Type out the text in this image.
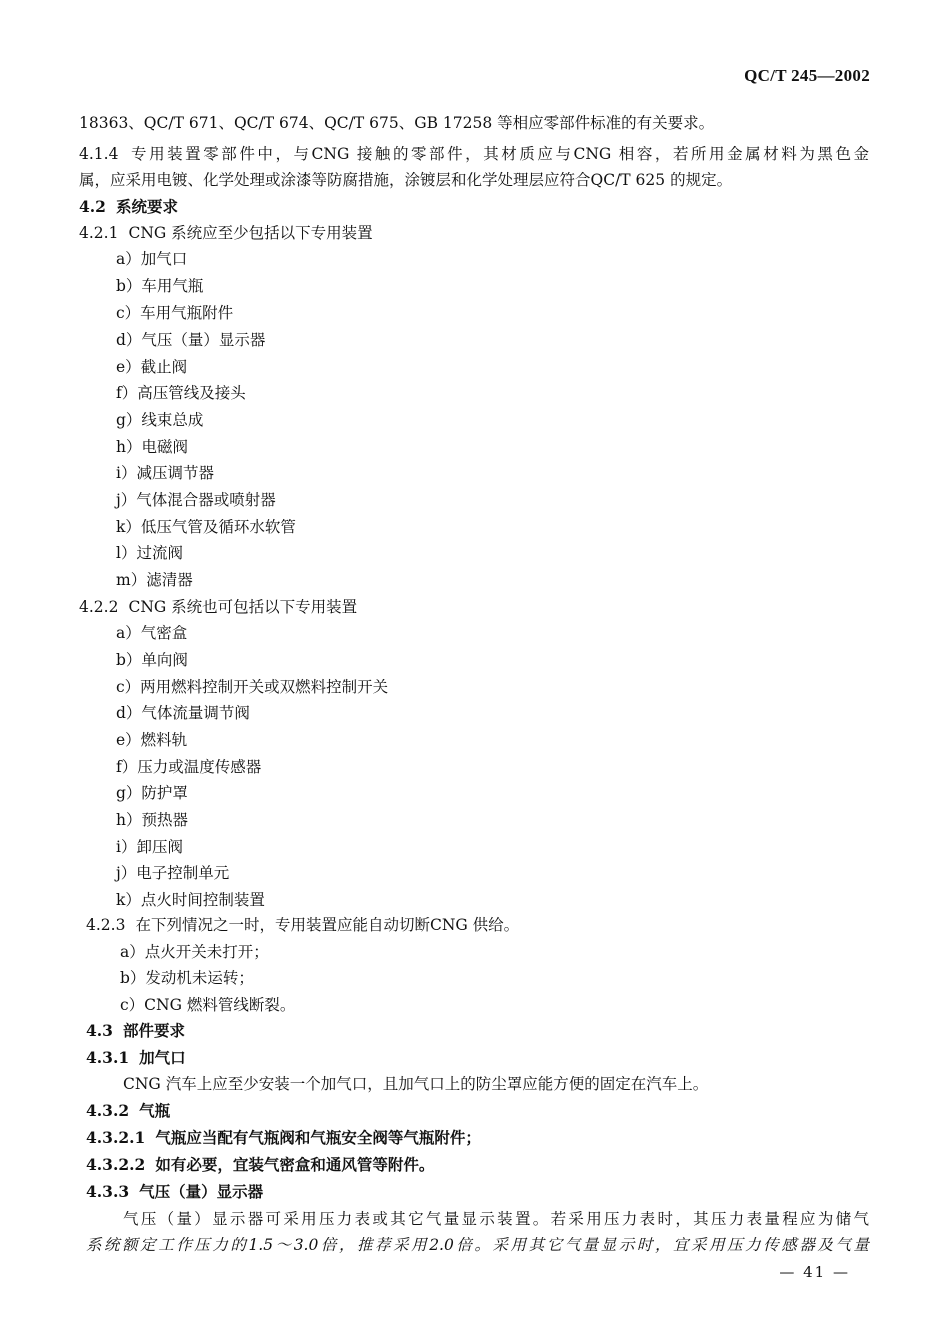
QC/T 245—2002
18363、QC/T 671、QC/T 674、QC/T 675、GB 17258 等相应零部件标准的有关要求。
4.1.4 专用装置零部件中，与CNG 接触的零部件，其材质应与CNG 相容，若所用金属材料为黑色金
属，应采用电镀、化学处理或涂漆等防腐措施，涂镀层和化学处理层应符合QC/T 625 的规定。
4.2 系统要求
4.2.1 CNG 系统应至少包括以下专用装置
a）加气口
b）车用气瓶
c）车用气瓶附件
d）气压（量）显示器
e）截止阀
f）高压管线及接头
g）线束总成
h）电磁阀
i）减压调节器
j）气体混合器或喷射器
k）低压气管及循环水软管
l）过流阀
m）滤清器
4.2.2 CNG 系统也可包括以下专用装置
a）气密盒
b）单向阀
c）两用燃料控制开关或双燃料控制开关
d）气体流量调节阀
e）燃料轨
f）压力或温度传感器
g）防护罩
h）预热器
i）卸压阀
j）电子控制单元
k）点火时间控制装置
4.2.3 在下列情况之一时，专用装置应能自动切断CNG 供给。
a）点火开关未打开；
b）发动机未运转；
c）CNG 燃料管线断裂。
4.3 部件要求
4.3.1 加气口
CNG 汽车上应至少安装一个加气口，且加气口上的防尘罩应能方便的固定在汽车上。
4.3.2 气瓶
4.3.2.1 气瓶应当配有气瓶阀和气瓶安全阀等气瓶附件；
4.3.2.2 如有必要，宜装气密盒和通风管等附件。
4.3.3 气压（量）显示器
气压（量）显示器可采用压力表或其它气量显示装置。若采用压力表时，其压力表量程应为储气
系统额定工作压力的1.5～3.0倍，推荐采用2.0倍。采用其它气量显示时，宜采用压力传感器及气量
— 41 —
